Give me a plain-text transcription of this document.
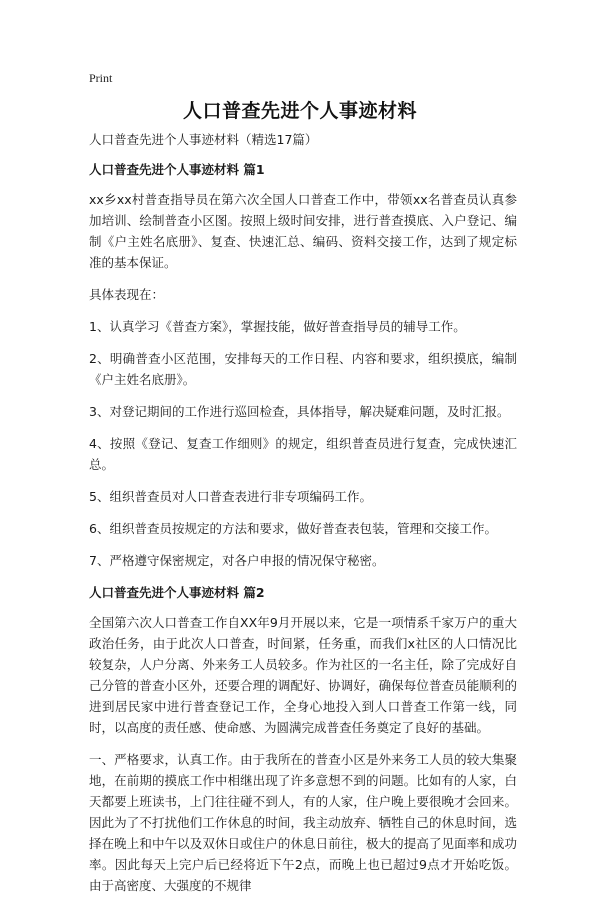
Print
人口普查先进个人事迹材料

人口普查先进个人事迹材料（精选17篇）

人口普查先进个人事迹材料 篇1

xx乡xx村普查指导员在第六次全国人口普查工作中，带领xx名普查员认真参加培训、绘制普查小区图。按照上级时间安排，进行普查摸底、入户登记、编制《户主姓名底册》、复查、快速汇总、编码、资料交接工作，达到了规定标准的基本保证。

具体表现在：

1、认真学习《普查方案》，掌握技能，做好普查指导员的辅导工作。

2、明确普查小区范围，安排每天的工作日程、内容和要求，组织摸底，编制《户主姓名底册》。

3、对登记期间的工作进行巡回检查，具体指导，解决疑难问题，及时汇报。

4、按照《登记、复查工作细则》的规定，组织普查员进行复查，完成快速汇总。

5、组织普查员对人口普查表进行非专项编码工作。

6、组织普查员按规定的方法和要求，做好普查表包装，管理和交接工作。

7、严格遵守保密规定，对各户申报的情况保守秘密。

人口普查先进个人事迹材料 篇2

全国第六次人口普查工作自XX年9月开展以来，它是一项情系千家万户的重大政治任务，由于此次人口普查，时间紧，任务重，而我们x社区的人口情况比较复杂，人户分离、外来务工人员较多。作为社区的一名主任，除了完成好自己分管的普查小区外，还要合理的调配好、协调好，确保每位普查员能顺利的进到居民家中进行普查登记工作，全身心地投入到人口普查工作第一线，同时，以高度的责任感、使命感、为圆满完成普查任务奠定了良好的基础。

一、严格要求，认真工作。由于我所在的普查小区是外来务工人员的较大集聚地，在前期的摸底工作中相继出现了许多意想不到的问题。比如有的人家，白天都要上班读书，上门往往碰不到人，有的人家，住户晚上要很晚才会回来。因此为了不打扰他们工作休息的时间，我主动放弃、牺牲自己的休息时间，选择在晚上和中午以及双休日或住户的休息日前往，极大的提高了见面率和成功率。因此每天上完户后已经将近下午2点，而晚上也已超过9点才开始吃饭。由于高密度、大强度的不规律
